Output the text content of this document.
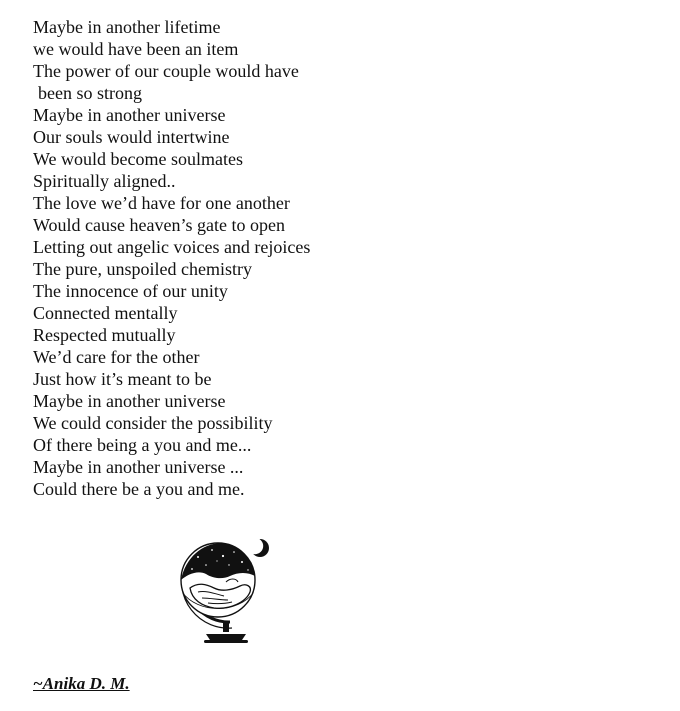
Maybe in another lifetime
we would have been an item
The power of our couple would have
been so strong
Maybe in another universe
Our souls would intertwine
We would become soulmates
Spiritually aligned..
The love we’d have for one another
Would cause heaven’s gate to open
Letting out angelic voices and rejoices
The pure, unspoiled chemistry
The innocence of our unity
Connected mentally
Respected mutually
We’d care for the other
Just how it’s meant to be
Maybe in another universe
We could consider the possibility
Of there being a you and me...
Maybe in another universe ...
Could there be a you and me.
~Anika D. M.
